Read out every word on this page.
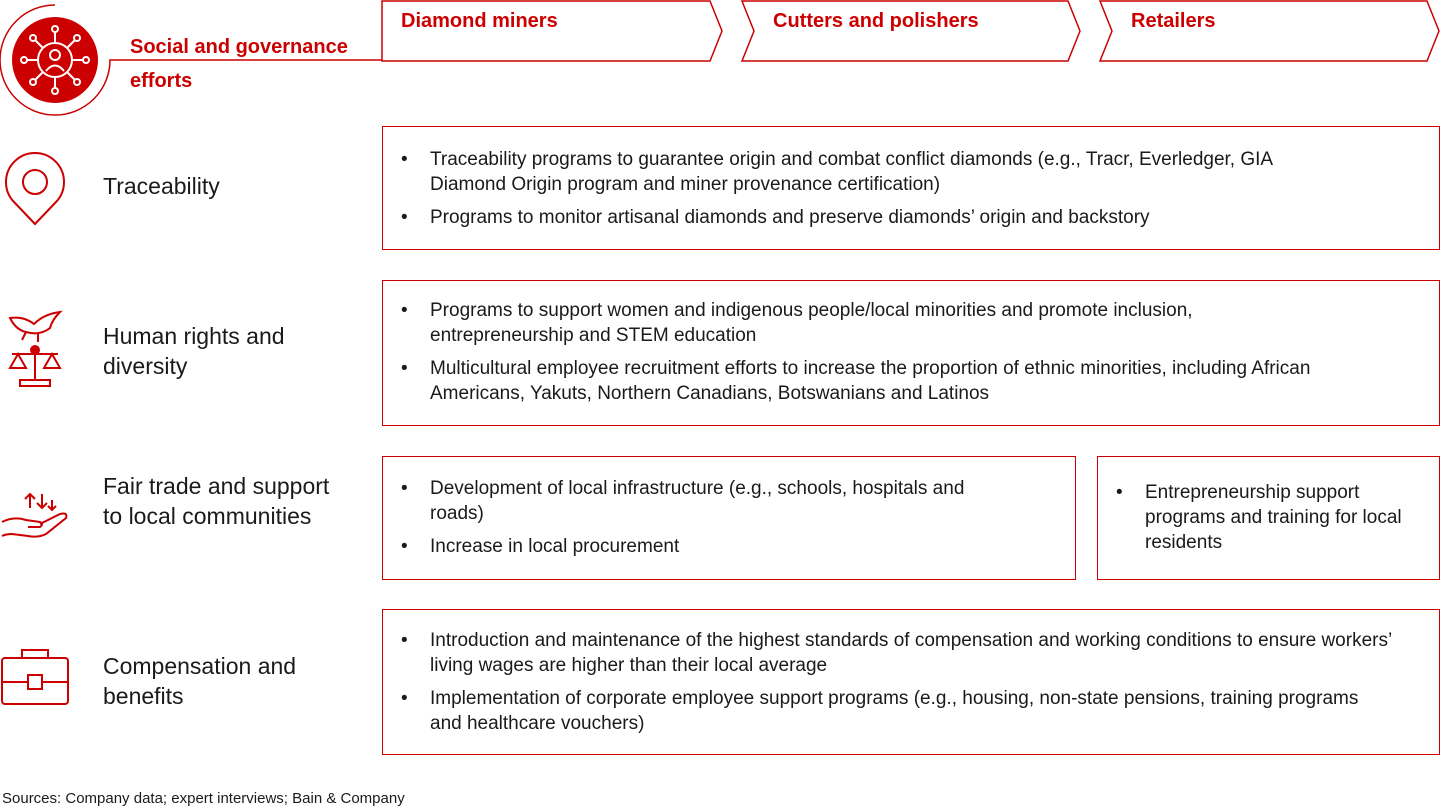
Social and governance efforts
Diamond miners	Cutters and polishers	Retailers
Traceability
• Traceability programs to guarantee origin and combat conflict diamonds (e.g., Tracr, Everledger, GIA Diamond Origin program and miner provenance certification)
• Programs to monitor artisanal diamonds and preserve diamonds’ origin and backstory
Human rights and diversity
• Programs to support women and indigenous people/local minorities and promote inclusion, entrepreneurship and STEM education
• Multicultural employee recruitment efforts to increase the proportion of ethnic minorities, including African Americans, Yakuts, Northern Canadians, Botswanians and Latinos
Fair trade and support to local communities
• Development of local infrastructure (e.g., schools, hospitals and roads)
• Increase in local procurement
• Entrepreneurship support programs and training for local residents
Compensation and benefits
• Introduction and maintenance of the highest standards of compensation and working conditions to ensure workers’ living wages are higher than their local average
• Implementation of corporate employee support programs (e.g., housing, non-state pensions, training programs and healthcare vouchers)
Sources: Company data; expert interviews; Bain & Company
